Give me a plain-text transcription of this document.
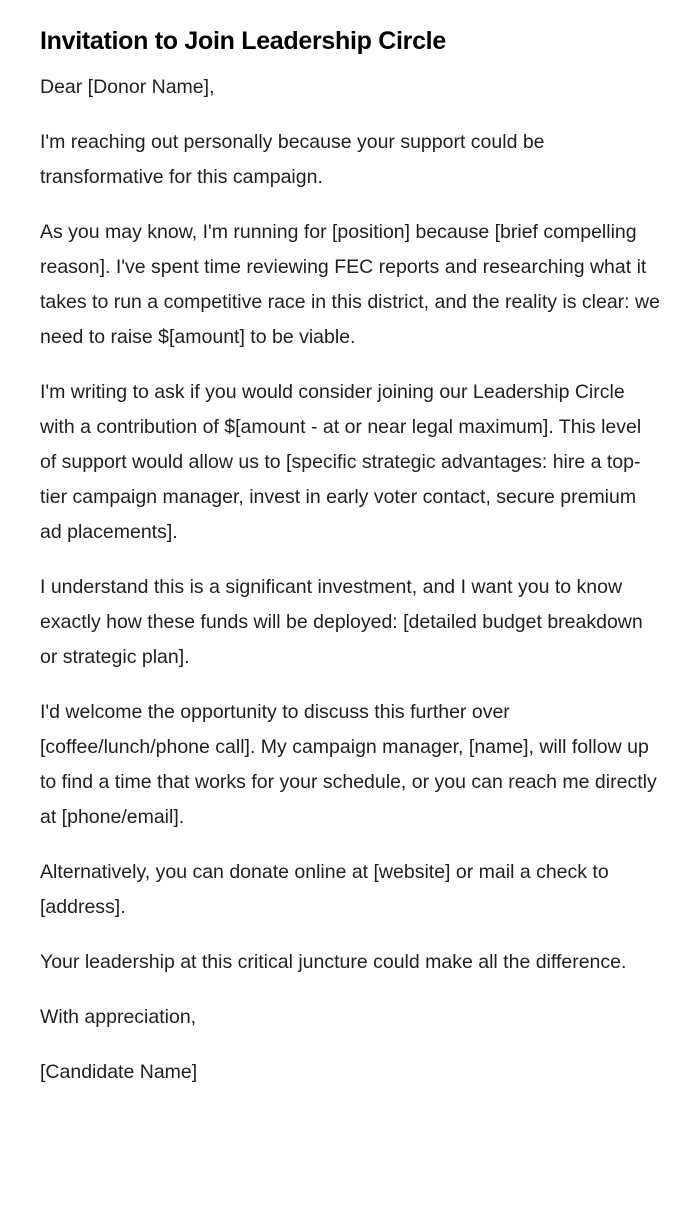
Invitation to Join Leadership Circle

Dear [Donor Name],

I'm reaching out personally because your support could be transformative for this campaign.

As you may know, I'm running for [position] because [brief compelling reason]. I've spent time reviewing FEC reports and researching what it takes to run a competitive race in this district, and the reality is clear: we need to raise $[amount] to be viable.

I'm writing to ask if you would consider joining our Leadership Circle with a contribution of $[amount - at or near legal maximum]. This level of support would allow us to [specific strategic advantages: hire a top-tier campaign manager, invest in early voter contact, secure premium ad placements].

I understand this is a significant investment, and I want you to know exactly how these funds will be deployed: [detailed budget breakdown or strategic plan].

I'd welcome the opportunity to discuss this further over [coffee/lunch/phone call]. My campaign manager, [name], will follow up to find a time that works for your schedule, or you can reach me directly at [phone/email].

Alternatively, you can donate online at [website] or mail a check to [address].

Your leadership at this critical juncture could make all the difference.

With appreciation,

[Candidate Name]
